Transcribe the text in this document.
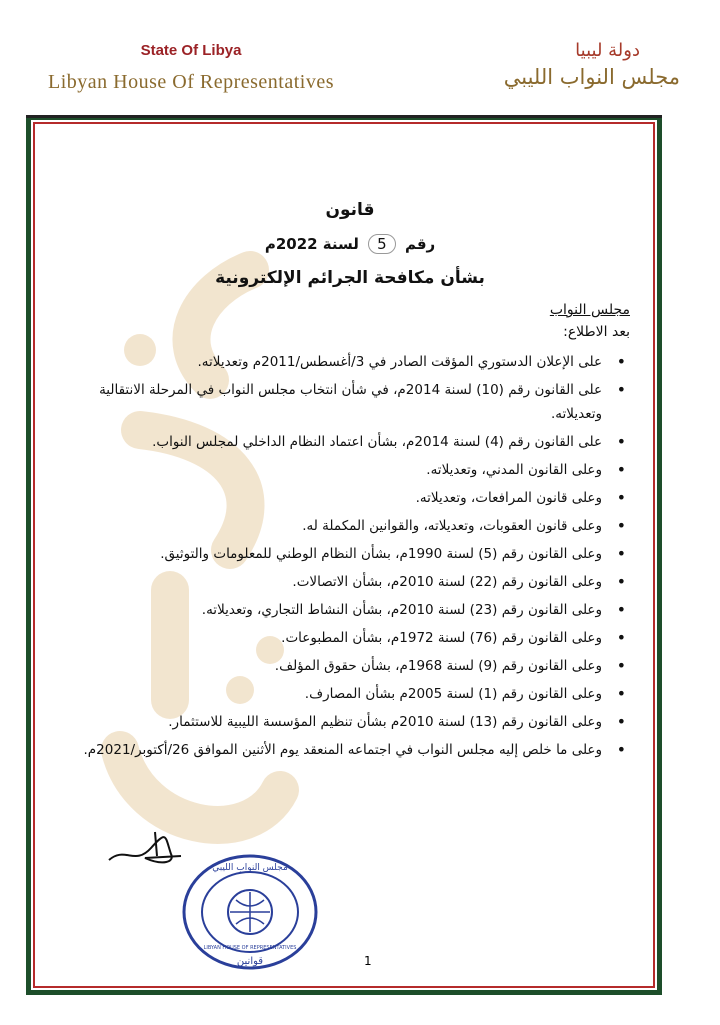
State Of Libya

Libyan House Of Representatives

دولة ليبيا

مجلس النواب الليبي

قانون

رقم 5 لسنة 2022م

بشأن مكافحة الجرائم الإلكترونية

مجلس النواب

بعد الاطلاع:

• على الإعلان الدستوري المؤقت الصادر في 3/أغسطس/2011م وتعديلاته.
• على القانون رقم (10) لسنة 2014م، في شأن انتخاب مجلس النواب في المرحلة الانتقالية وتعديلاته.
• على القانون رقم (4) لسنة 2014م، بشأن اعتماد النظام الداخلي لمجلس النواب.
• وعلى القانون المدني، وتعديلاته.
• وعلى قانون المرافعات، وتعديلاته.
• وعلى قانون العقوبات، وتعديلاته، والقوانين المكملة له.
• وعلى القانون رقم (5) لسنة 1990م، بشأن النظام الوطني للمعلومات والتوثيق.
• وعلى القانون رقم (22) لسنة 2010م، بشأن الاتصالات.
• وعلى القانون رقم (23) لسنة 2010م، بشأن النشاط التجاري، وتعديلاته.
• وعلى القانون رقم (76) لسنة 1972م، بشأن المطبوعات.
• وعلى القانون رقم (9) لسنة 1968م، بشأن حقوق المؤلف.
• وعلى القانون رقم (1) لسنة 2005م بشأن المصارف.
• وعلى القانون رقم (13) لسنة 2010م بشأن تنظيم المؤسسة الليبية للاستثمار.
• وعلى ما خلص إليه مجلس النواب في اجتماعه المنعقد يوم الأثنين الموافق 26/أكتوبر/2021م.
مجلس النواب الليبي
LIBYAN HOUSE OF REPRESENTATIVES
قوانين	1
